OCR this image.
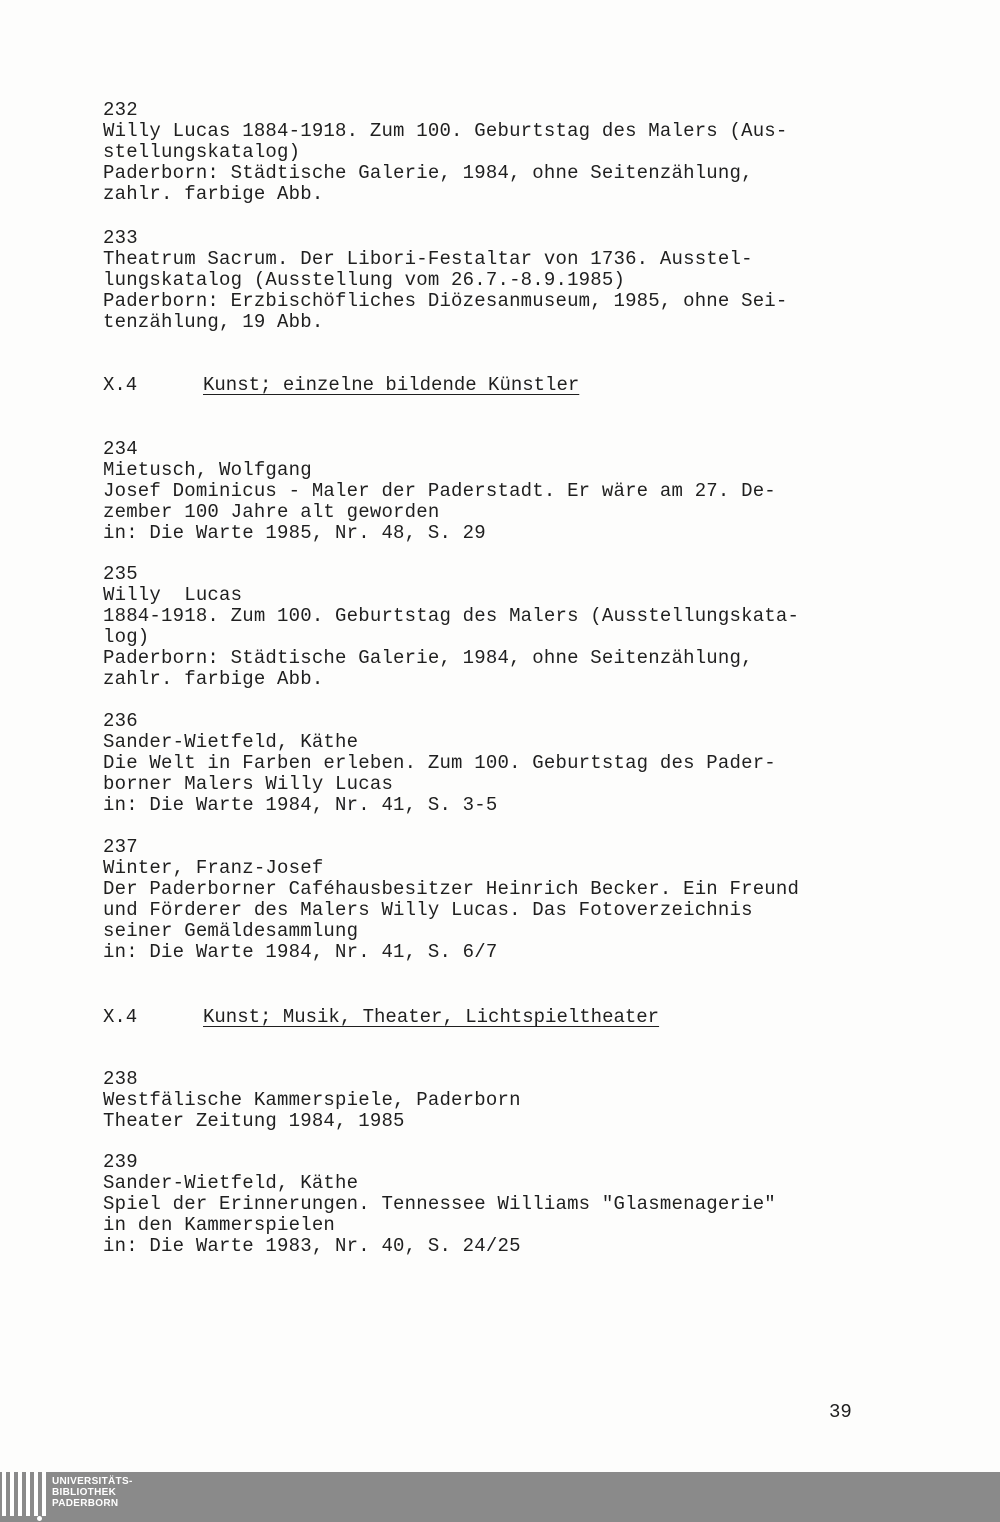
232
Willy Lucas 1884-1918. Zum 100. Geburtstag des Malers (Aus-
stellungskatalog)
Paderborn: Städtische Galerie, 1984, ohne Seitenzählung,
zahlr. farbige Abb.
233
Theatrum Sacrum. Der Libori-Festaltar von 1736. Ausstel-
lungskatalog (Ausstellung vom 26.7.-8.9.1985)
Paderborn: Erzbischöfliches Diözesanmuseum, 1985, ohne Sei-
tenzählung, 19 Abb.

X.4

	Kunst; einzelne bildende Künstler

234
Mietusch, Wolfgang
Josef Dominicus - Maler der Paderstadt. Er wäre am 27. De-
zember 100 Jahre alt geworden
in: Die Warte 1985, Nr. 48, S. 29
235
Willy  Lucas
1884-1918. Zum 100. Geburtstag des Malers (Ausstellungskata-
log)
Paderborn: Städtische Galerie, 1984, ohne Seitenzählung,
zahlr. farbige Abb.
236
Sander-Wietfeld, Käthe
Die Welt in Farben erleben. Zum 100. Geburtstag des Pader-
borner Malers Willy Lucas
in: Die Warte 1984, Nr. 41, S. 3-5
237
Winter, Franz-Josef
Der Paderborner Caféhausbesitzer Heinrich Becker. Ein Freund
und Förderer des Malers Willy Lucas. Das Fotoverzeichnis
seiner Gemäldesammlung
in: Die Warte 1984, Nr. 41, S. 6/7

X.4

	Kunst; Musik, Theater, Lichtspieltheater

238
Westfälische Kammerspiele, Paderborn
Theater Zeitung 1984, 1985
239
Sander-Wietfeld, Käthe
Spiel der Erinnerungen. Tennessee Williams "Glasmenagerie"
in den Kammerspielen
in: Die Warte 1983, Nr. 40, S. 24/25
39
UNIVERSITÄTS-
BIBLIOTHEK
PADERBORN
